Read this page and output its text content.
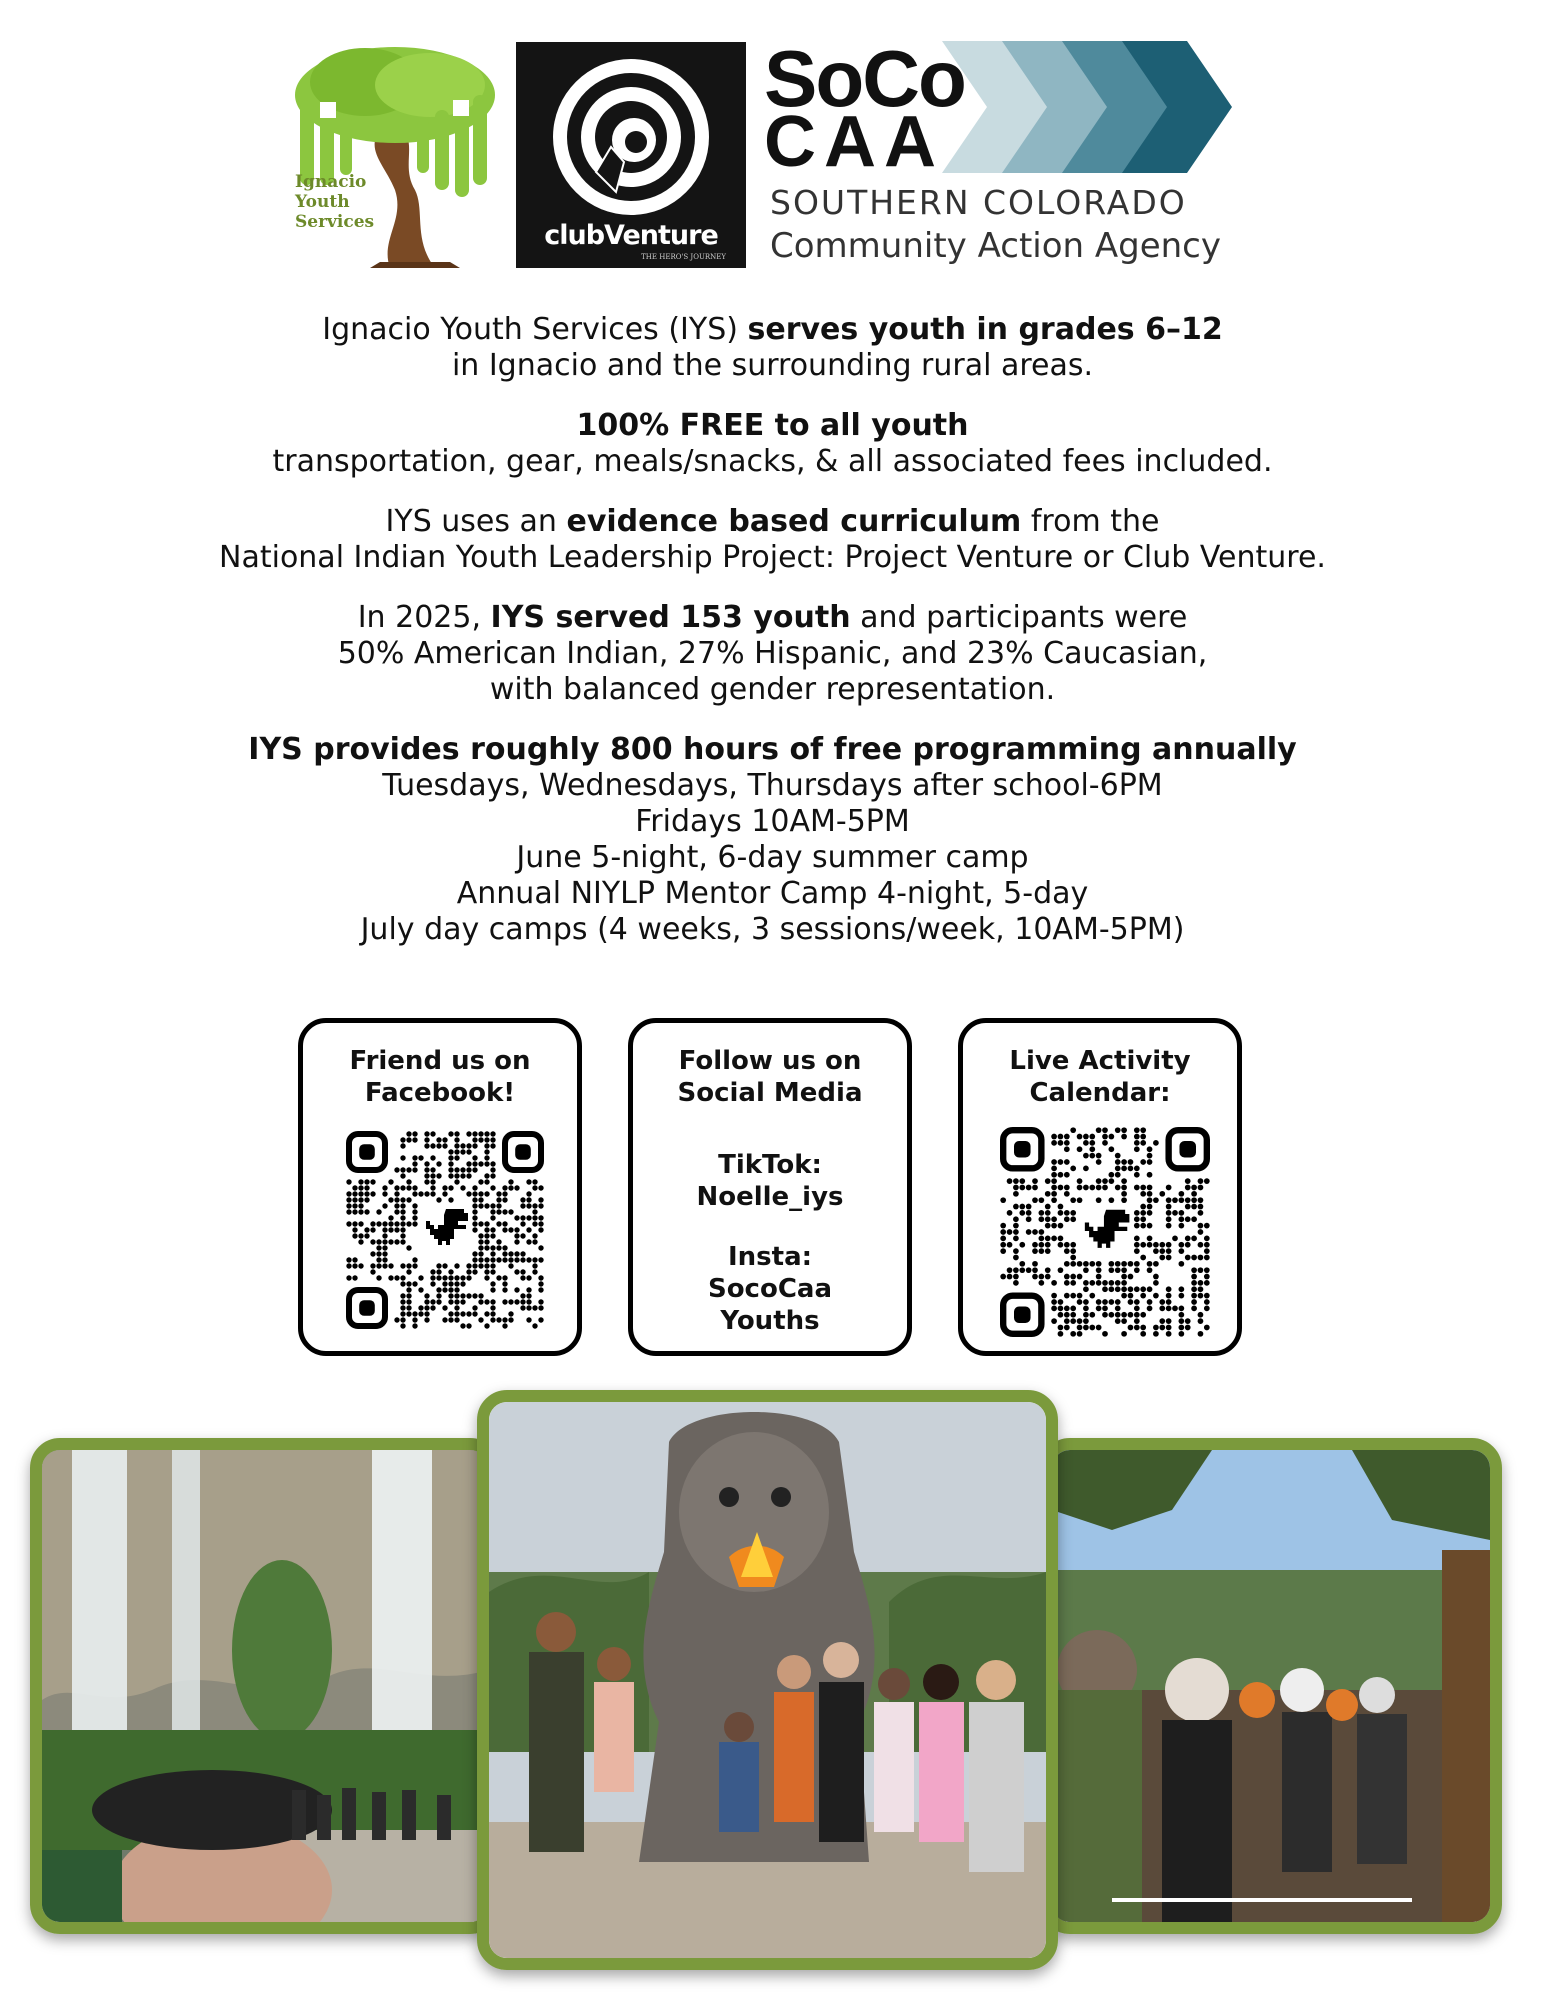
Ignacio
Youth
Services	clubVenture
THE HERO'S JOURNEY
SoCo
CAA
SOUTHERN COLORADO
Community Action Agency

Ignacio Youth Services (IYS) serves youth in grades 6–12
in Ignacio and the surrounding rural areas.

100% FREE to all youth
transportation, gear, meals/snacks, & all associated fees included.

IYS uses an evidence based curriculum from the
National Indian Youth Leadership Project: Project Venture or Club Venture.

In 2025, IYS served 153 youth and participants were
50% American Indian, 27% Hispanic, and 23% Caucasian,
with balanced gender representation.

IYS provides roughly 800 hours of free programming annually
Tuesdays, Wednesdays, Thursdays after school-6PM
Fridays 10AM-5PM
June 5-night, 6-day summer camp
Annual NIYLP Mentor Camp 4-night, 5-day
July day camps (4 weeks, 3 sessions/week, 10AM-5PM)

Friend us on
Facebook!
Follow us on
Social Media
TikTok:
Noelle_iys
Insta:
SocoCaa
Youths
Live Activity
Calendar:
